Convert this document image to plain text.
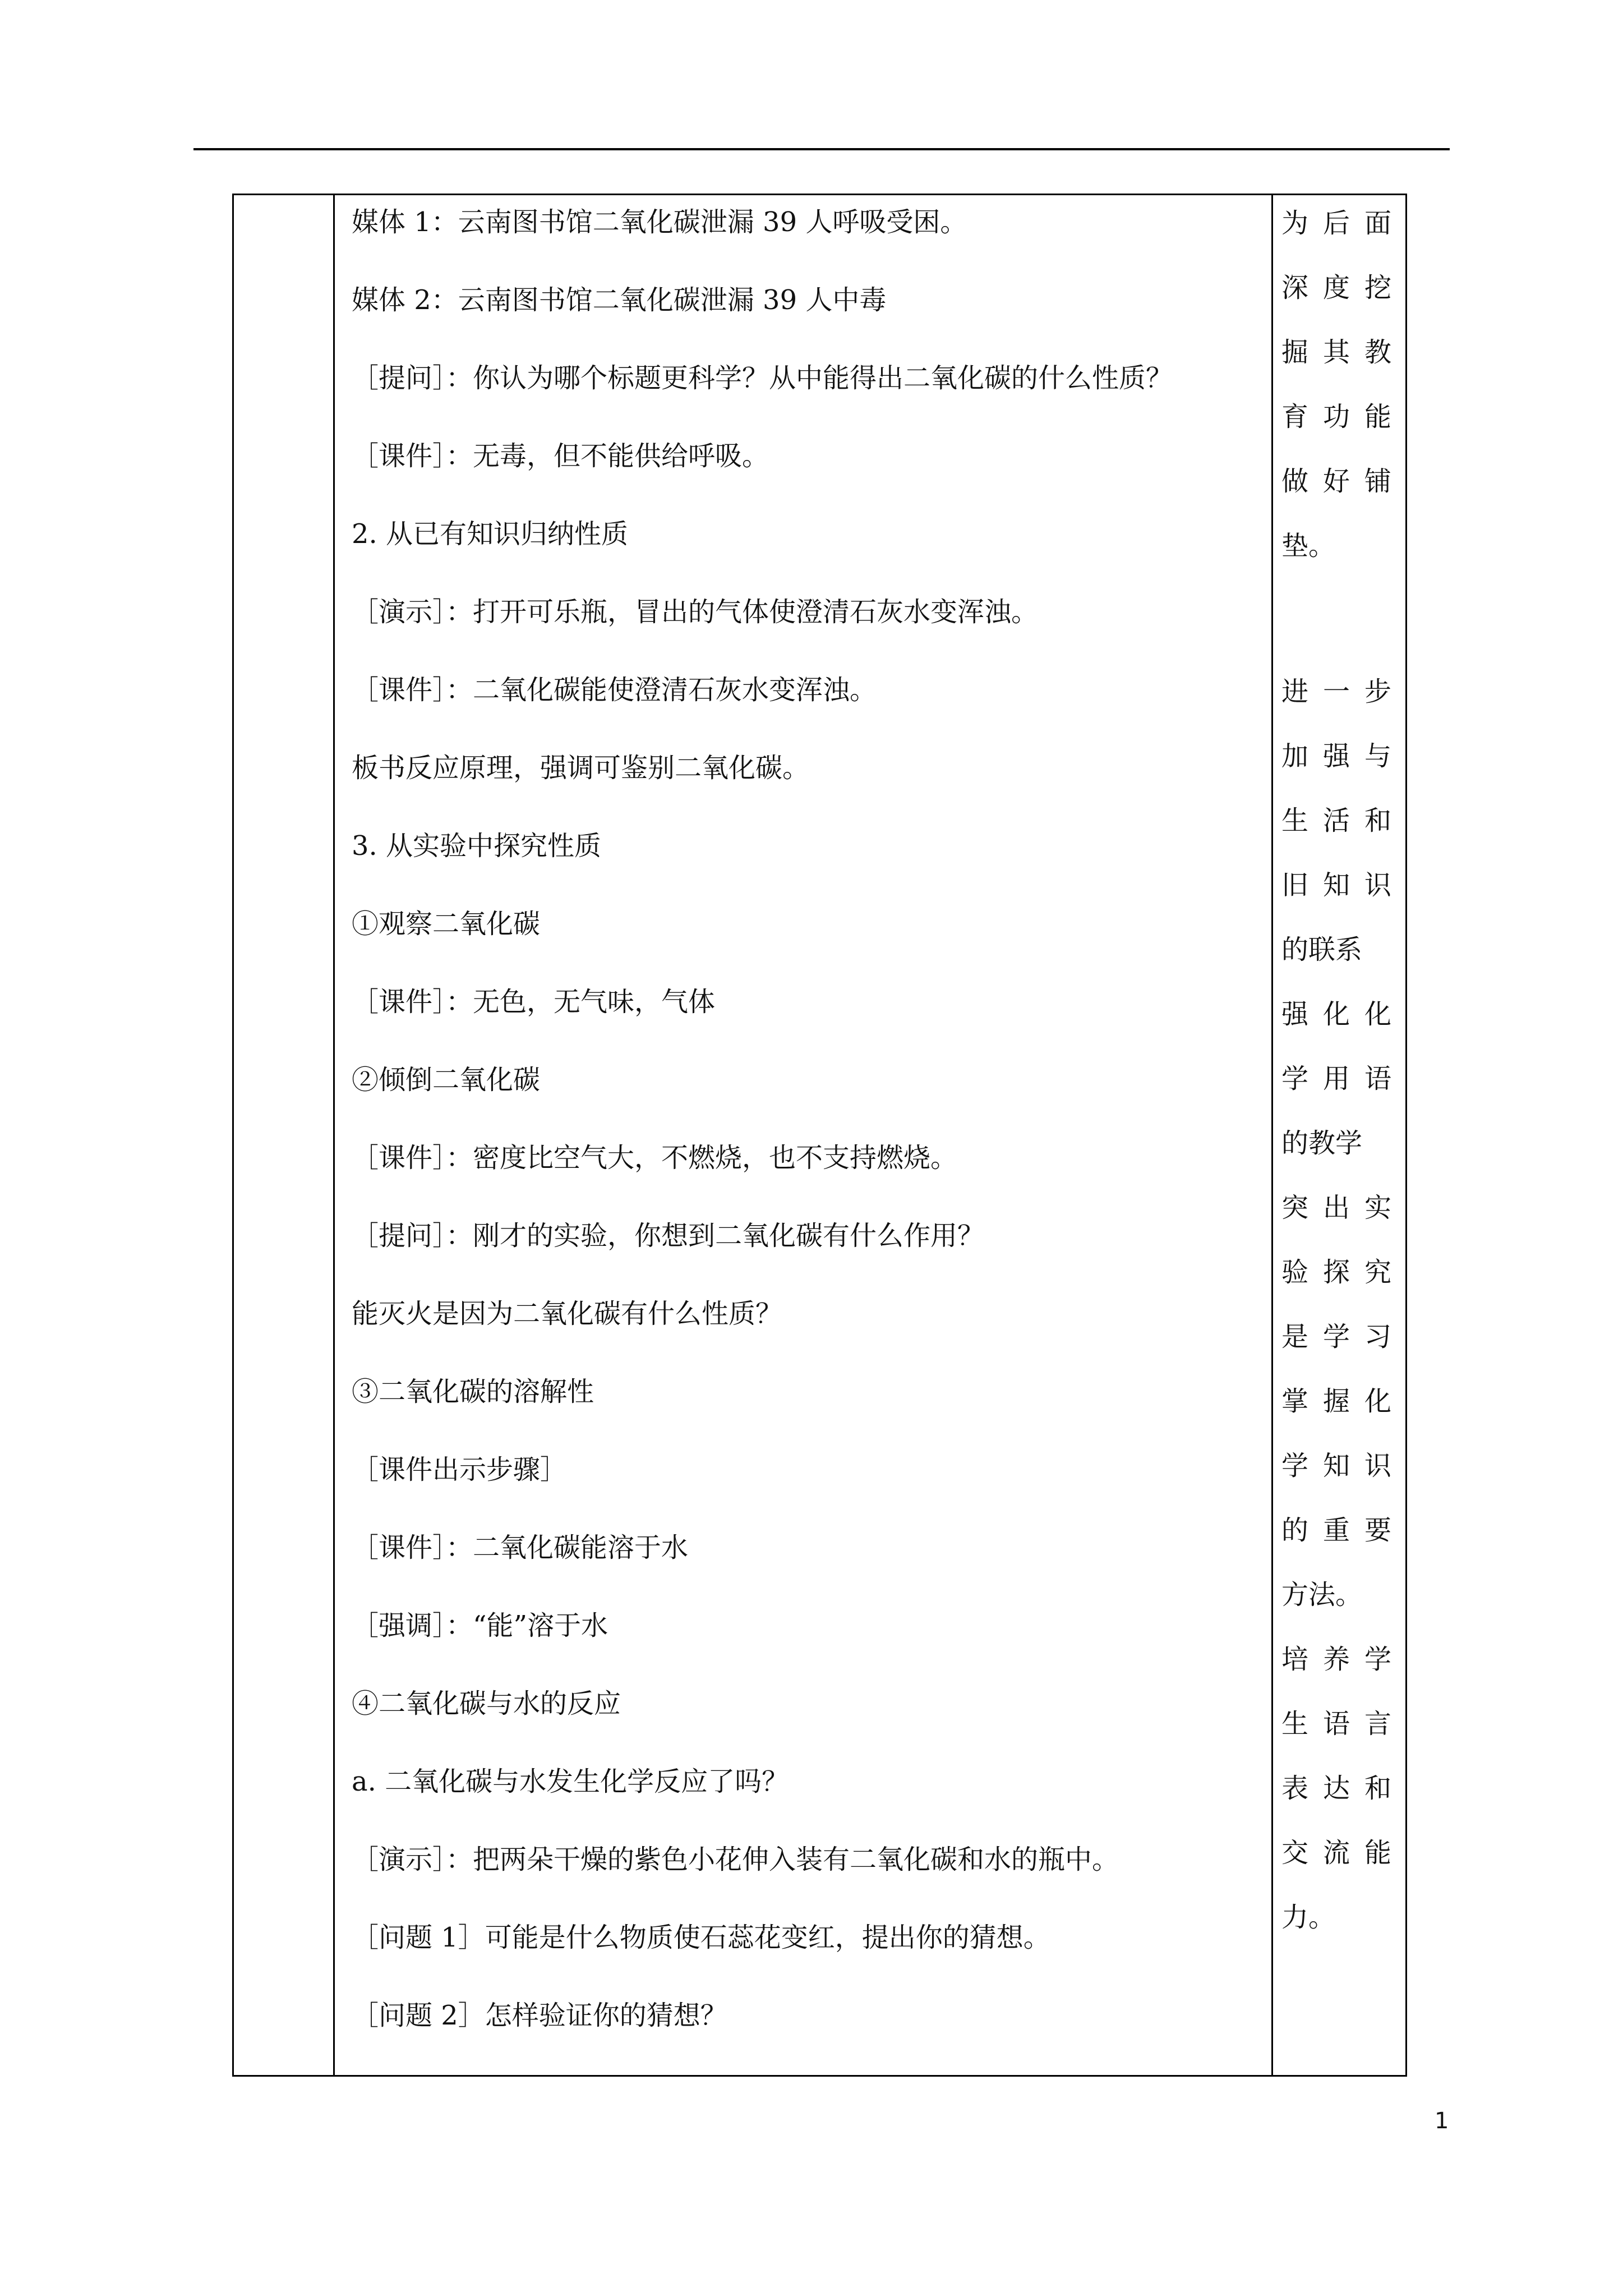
媒体 1：云南图书馆二氧化碳泄漏 39 人呼吸受困。
媒体 2：云南图书馆二氧化碳泄漏 39 人中毒
［提问］：你认为哪个标题更科学？从中能得出二氧化碳的什么性质？
［课件］：无毒，但不能供给呼吸。
2. 从已有知识归纳性质
［演示］：打开可乐瓶，冒出的气体使澄清石灰水变浑浊。
［课件］：二氧化碳能使澄清石灰水变浑浊。
板书反应原理，强调可鉴别二氧化碳。
3. 从实验中探究性质
①观察二氧化碳
［课件］：无色，无气味，气体
②倾倒二氧化碳
［课件］：密度比空气大，不燃烧，也不支持燃烧。
［提问］：刚才的实验，你想到二氧化碳有什么作用？
能灭火是因为二氧化碳有什么性质？
③二氧化碳的溶解性
［课件出示步骤］
［课件］：二氧化碳能溶于水
［强调］：“能”溶于水
④二氧化碳与水的反应
a. 二氧化碳与水发生化学反应了吗？
［演示］：把两朵干燥的紫色小花伸入装有二氧化碳和水的瓶中。
［问题 1］可能是什么物质使石蕊花变红，提出你的猜想。
［问题 2］怎样验证你的猜想？
为后面
深度挖
掘其教
育功能
做好铺
垫。
进一步
加强与
生活和
旧知识
的联系
强化化
学用语
的教学
突出实
验探究
是学习
掌握化
学知识
的重要
方法。
培养学
生语言
表达和
交流能
力。
1
